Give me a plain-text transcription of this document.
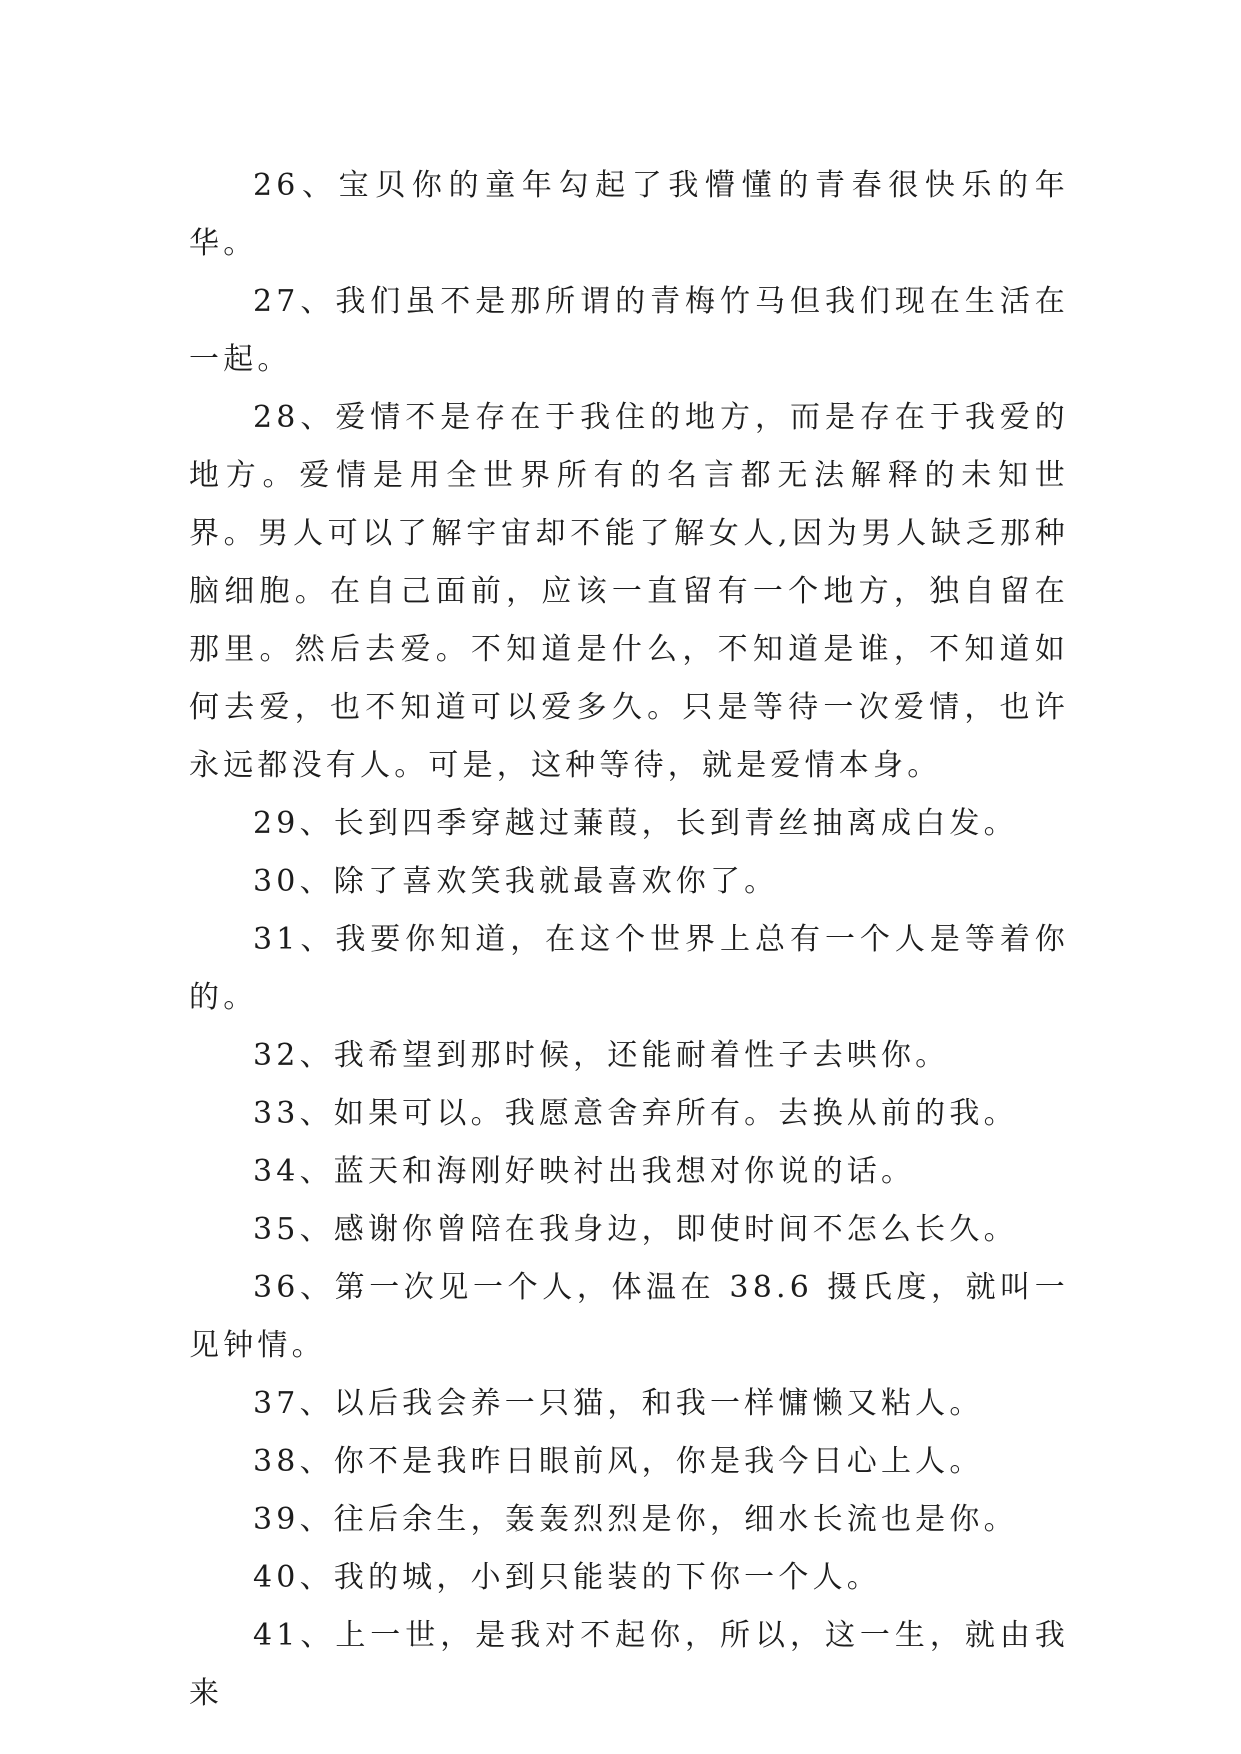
26、宝贝你的童年勾起了我懵懂的青春很快乐的年华。

27、我们虽不是那所谓的青梅竹马但我们现在生活在一起。

28、爱情不是存在于我住的地方，而是存在于我爱的地方。爱情是用全世界所有的名言都无法解释的未知世界。男人可以了解宇宙却不能了解女人,因为男人缺乏那种脑细胞。在自己面前，应该一直留有一个地方，独自留在那里。然后去爱。不知道是什么，不知道是谁，不知道如何去爱，也不知道可以爱多久。只是等待一次爱情，也许永远都没有人。可是，这种等待，就是爱情本身。

29、长到四季穿越过蒹葭，长到青丝抽离成白发。

30、除了喜欢笑我就最喜欢你了。

31、我要你知道，在这个世界上总有一个人是等着你的。

32、我希望到那时候，还能耐着性子去哄你。

33、如果可以。我愿意舍弃所有。去换从前的我。

34、蓝天和海刚好映衬出我想对你说的话。

35、感谢你曾陪在我身边，即使时间不怎么长久。

36、第一次见一个人，体温在 38.6 摄氏度，就叫一见钟情。

37、以后我会养一只猫，和我一样慵懒又粘人。

38、你不是我昨日眼前风，你是我今日心上人。

39、往后余生，轰轰烈烈是你，细水长流也是你。

40、我的城，小到只能装的下你一个人。

41、上一世，是我对不起你，所以，这一生，就由我来
